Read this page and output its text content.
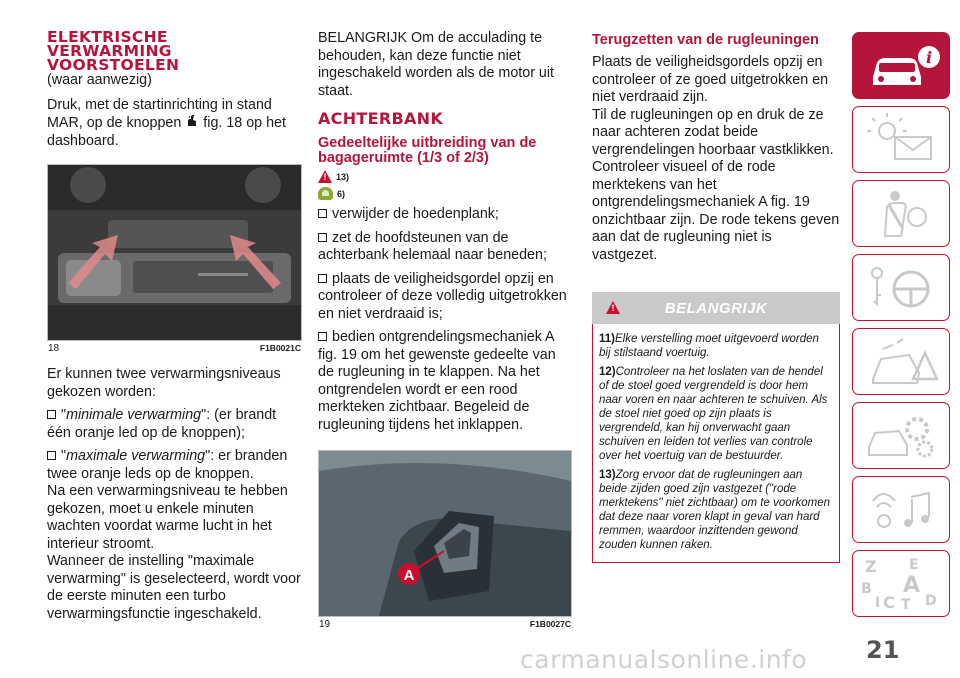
ELEKTRISCHE
VERWARMING
VOORSTOELEN

(waar aanwezig)

Druk, met de startinrichting in stand MAR, op de knoppen fig. 18 op het dashboard.

18	F1B0021C

Er kunnen twee verwarmingsniveaus gekozen worden:

"minimale verwarming": (er brandt één oranje led op de knoppen);
"maximale verwarming": er branden twee oranje leds op de knoppen.

Na een verwarmingsniveau te hebben gekozen, moet u enkele minuten wachten voordat warme lucht in het interieur stroomt.

Wanneer de instelling "maximale verwarming" is geselecteerd, wordt voor de eerste minuten een turbo verwarmingsfunctie ingeschakeld.

BELANGRIJK Om de acculading te behouden, kan deze functie niet ingeschakeld worden als de motor uit staat.

ACHTERBANK
Gedeeltelijke uitbreiding van de bagageruimte (1/3 of 2/3)
! 13)
6)
verwijder de hoedenplank;
zet de hoofdsteunen van de achterbank helemaal naar beneden;
plaats de veiligheidsgordel opzij en controleer of deze volledig uitgetrokken en niet verdraaid is;
bedien ontgrendelingsmechaniek A fig. 19 om het gewenste gedeelte van de rugleuning in te klappen. Na het ontgrendelen wordt er een rood merkteken zichtbaar. Begeleid de rugleuning tijdens het inklappen.
A
19	F1B0027C
Terugzetten van de rugleuningen

Plaats de veiligheidsgordels opzij en controleer of ze goed uitgetrokken en niet verdraaid zijn.

Til de rugleuningen op en druk de ze naar achteren zodat beide vergrendelingen hoorbaar vastklikken.

Controleer visueel of de rode merktekens van het ontgrendelingsmechaniek A fig. 19 onzichtbaar zijn. De rode tekens geven aan dat de rugleuning niet is vastgezet.

!	BELANGRIJK

11)Elke verstelling moet uitgevoerd worden bij stilstaand voertuig.

12)Controleer na het loslaten van de hendel of de stoel goed vergrendeld is door hem naar voren en naar achteren te schuiven. Als de stoel niet goed op zijn plaats is vergrendeld, kan hij onverwacht gaan schuiven en leiden tot verlies van controle over het voertuig van de bestuurder.

13)Zorg ervoor dat de rugleuningen aan beide zijden goed zijn vastgezet ("rode merktekens" niet zichtbaar) om te voorkomen dat deze naar voren klapt in geval van hard remmen, waardoor inzittenden gewond zouden kunnen raken.

i
Z E
A
B
C D
T
I
carmanualsonline.info 21
